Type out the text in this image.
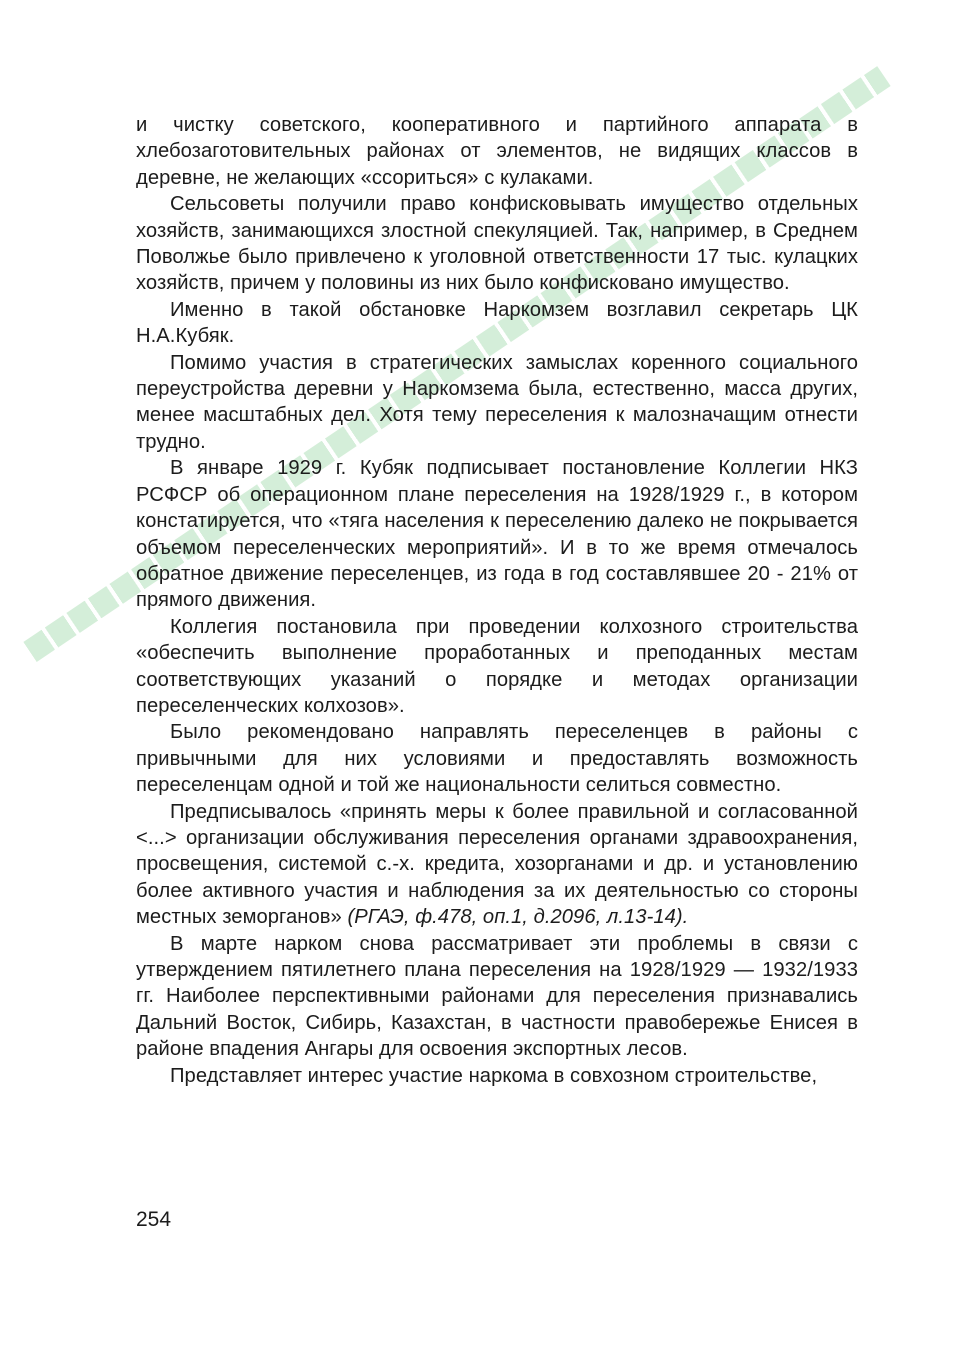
и чистку советского, кооперативного и партийного аппарата в хлебозаготовительных районах от элементов, не видящих классов в деревне, не желающих «ссориться» с кулаками.

Сельсоветы получили право конфисковывать имущество отдельных хозяйств, занимающихся злостной спекуляцией. Так, например, в Среднем Поволжье было привлечено к уголовной ответственности 17 тыс. кулацких хозяйств, причем у половины из них было конфисковано имущество.

Именно в такой обстановке Наркомзем возглавил секретарь ЦК Н.А.Кубяк.

Помимо участия в стратегических замыслах коренного социального переустройства деревни у Наркомзема была, естественно, масса других, менее масштабных дел. Хотя тему переселения к малозначащим отнести трудно.

В январе 1929 г. Кубяк подписывает постановление Коллегии НКЗ РСФСР об операционном плане переселения на 1928/1929 г., в котором констатируется, что «тяга населения к переселению далеко не покрывается объемом переселенческих мероприятий». И в то же время отмечалось обратное движение переселенцев, из года в год составлявшее 20 - 21% от прямого движения.

Коллегия постановила при проведении колхозного строительства «обеспечить выполнение проработанных и преподанных местам соответствующих указаний о порядке и методах организации переселенческих колхозов».

Было рекомендовано направлять переселенцев в районы с привычными для них условиями и предоставлять возможность переселенцам одной и той же национальности селиться совместно.

Предписывалось «принять меры к более правильной и согласованной <...> организации обслуживания переселения органами здравоохранения, просвещения, системой с.-х. кредита, хозорганами и др. и установлению более активного участия и наблюдения за их деятельностью со стороны местных земорганов» (РГАЭ, ф.478, оп.1, д.2096, л.13-14).

В марте нарком снова рассматривает эти проблемы в связи с утверждением пятилетнего плана переселения на 1928/1929 — 1932/1933 гг. Наиболее перспективными районами для переселения признавались Дальний Восток, Сибирь, Казахстан, в частности правобережье Енисея в районе впадения Ангары для освоения экспортных лесов.

Представляет интерес участие наркома в совхозном строительстве,

254
